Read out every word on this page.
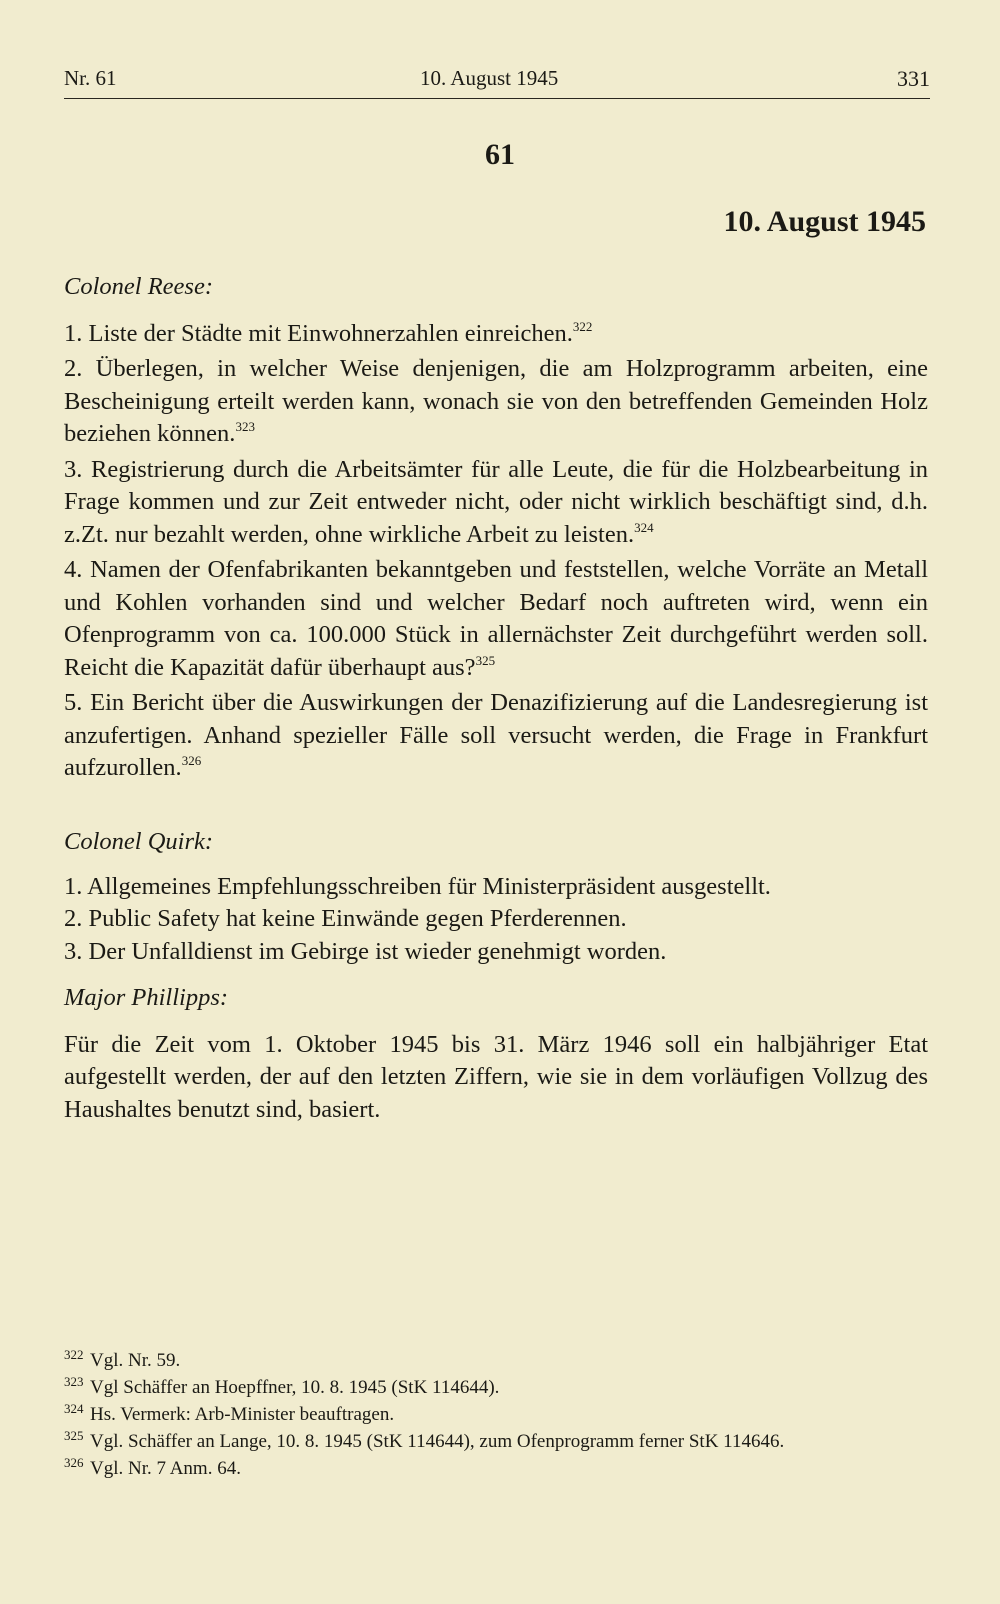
Nr. 61	10. August 1945	331
61
10. August 1945

Colonel Reese:

1. Liste der Städte mit Einwohnerzahlen einreichen.$^{322}$

2. Überlegen, in welcher Weise denjenigen, die am Holzprogramm arbeiten, eine Bescheinigung erteilt werden kann, wonach sie von den betreffenden Gemeinden Holz beziehen können.$^{323}$

3. Registrierung durch die Arbeitsämter für alle Leute, die für die Holzbearbeitung in Frage kommen und zur Zeit entweder nicht, oder nicht wirklich beschäftigt sind, d.h. z.Zt. nur bezahlt werden, ohne wirkliche Arbeit zu leisten.$^{324}$

4. Namen der Ofenfabrikanten bekanntgeben und feststellen, welche Vorräte an Metall und Kohlen vorhanden sind und welcher Bedarf noch auftreten wird, wenn ein Ofenprogramm von ca. 100.000 Stück in allernächster Zeit durchgeführt werden soll. Reicht die Kapazität dafür überhaupt aus?$^{325}$

5. Ein Bericht über die Auswirkungen der Denazifizierung auf die Landesregierung ist anzufertigen. Anhand spezieller Fälle soll versucht werden, die Frage in Frankfurt aufzurollen.$^{326}$

Colonel Quirk:

1. Allgemeines Empfehlungsschreiben für Ministerpräsident ausgestellt.

2. Public Safety hat keine Einwände gegen Pferderennen.

3. Der Unfalldienst im Gebirge ist wieder genehmigt worden.

Major Phillipps:

Für die Zeit vom 1. Oktober 1945 bis 31. März 1946 soll ein halbjähriger Etat aufgestellt werden, der auf den letzten Ziffern, wie sie in dem vorläufigen Vollzug des Haushaltes benutzt sind, basiert.

322 Vgl. Nr. 59.

323 Vgl Schäffer an Hoepffner, 10. 8. 1945 (StK 114644).

324 Hs. Vermerk: Arb-Minister beauftragen.

325 Vgl. Schäffer an Lange, 10. 8. 1945 (StK 114644), zum Ofenprogramm ferner StK 114646.

326 Vgl. Nr. 7 Anm. 64.
